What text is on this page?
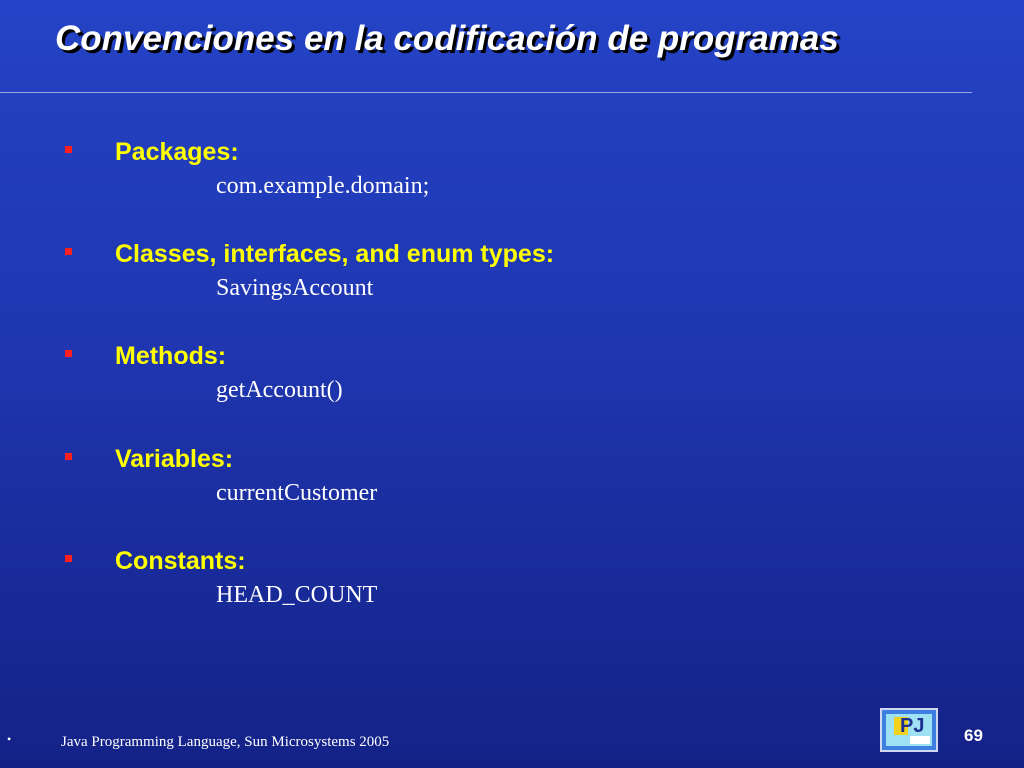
Convenciones en la codificación de programas
Packages:
com.example.domain;
Classes, interfaces, and enum types:
SavingsAccount
Methods:
getAccount()
Variables:
currentCustomer
Constants:
HEAD_COUNT
•	Java Programming Language, Sun Microsystems 2005
PJ 69
